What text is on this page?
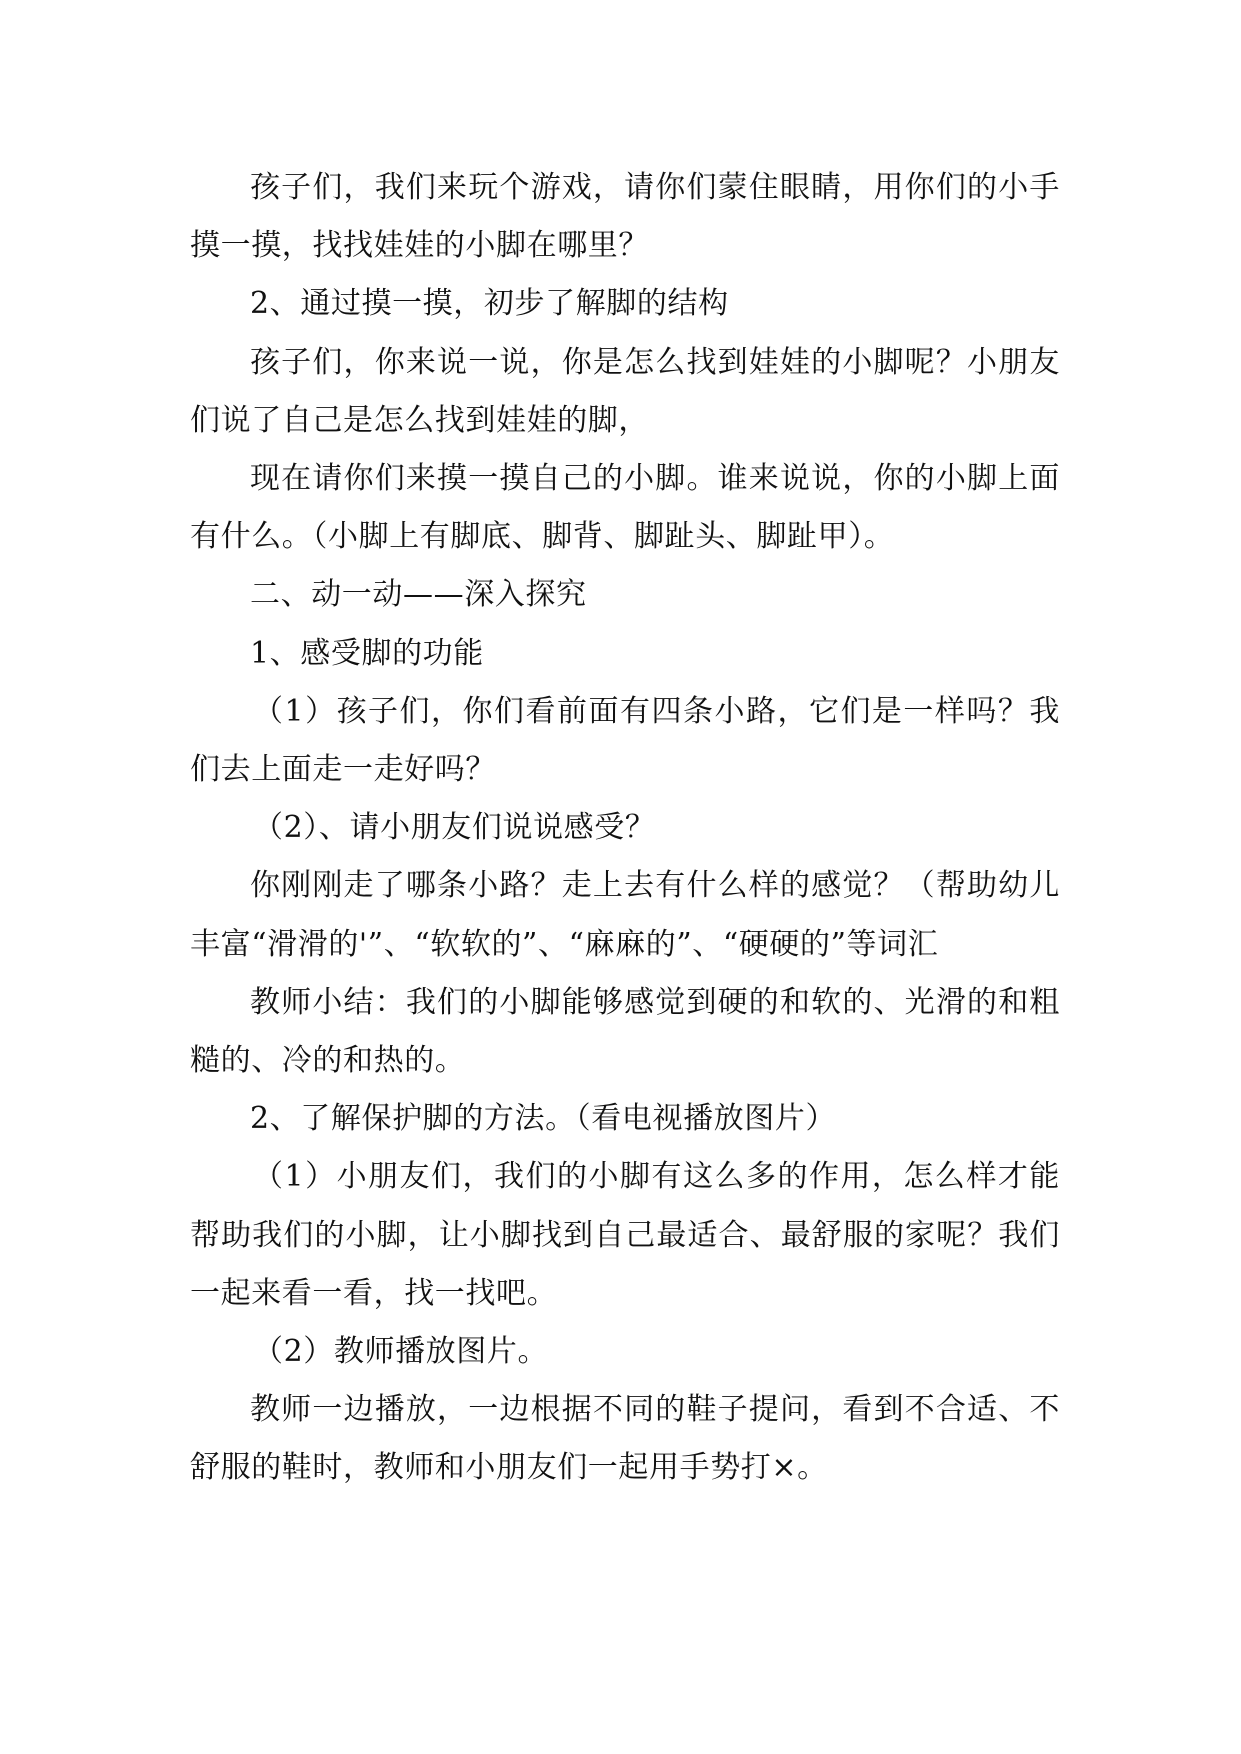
孩子们，我们来玩个游戏，请你们蒙住眼睛，用你们的小手摸一摸，找找娃娃的小脚在哪里？

2、通过摸一摸，初步了解脚的结构

孩子们，你来说一说，你是怎么找到娃娃的小脚呢？小朋友们说了自己是怎么找到娃娃的脚，

现在请你们来摸一摸自己的小脚。谁来说说，你的小脚上面有什么。（小脚上有脚底、脚背、脚趾头、脚趾甲）。

二、动一动——深入探究

1、感受脚的功能

（1）孩子们，你们看前面有四条小路，它们是一样吗？我们去上面走一走好吗？

（2）、请小朋友们说说感受？

你刚刚走了哪条小路？走上去有什么样的感觉？（帮助幼儿丰富“滑滑的'”、“软软的”、“麻麻的”、“硬硬的”等词汇

教师小结：我们的小脚能够感觉到硬的和软的、光滑的和粗糙的、冷的和热的。

2、了解保护脚的方法。（看电视播放图片）

（1）小朋友们，我们的小脚有这么多的作用，怎么样才能帮助我们的小脚，让小脚找到自己最适合、最舒服的家呢？我们一起来看一看，找一找吧。

（2）教师播放图片。

教师一边播放，一边根据不同的鞋子提问，看到不合适、不舒服的鞋时，教师和小朋友们一起用手势打×。
